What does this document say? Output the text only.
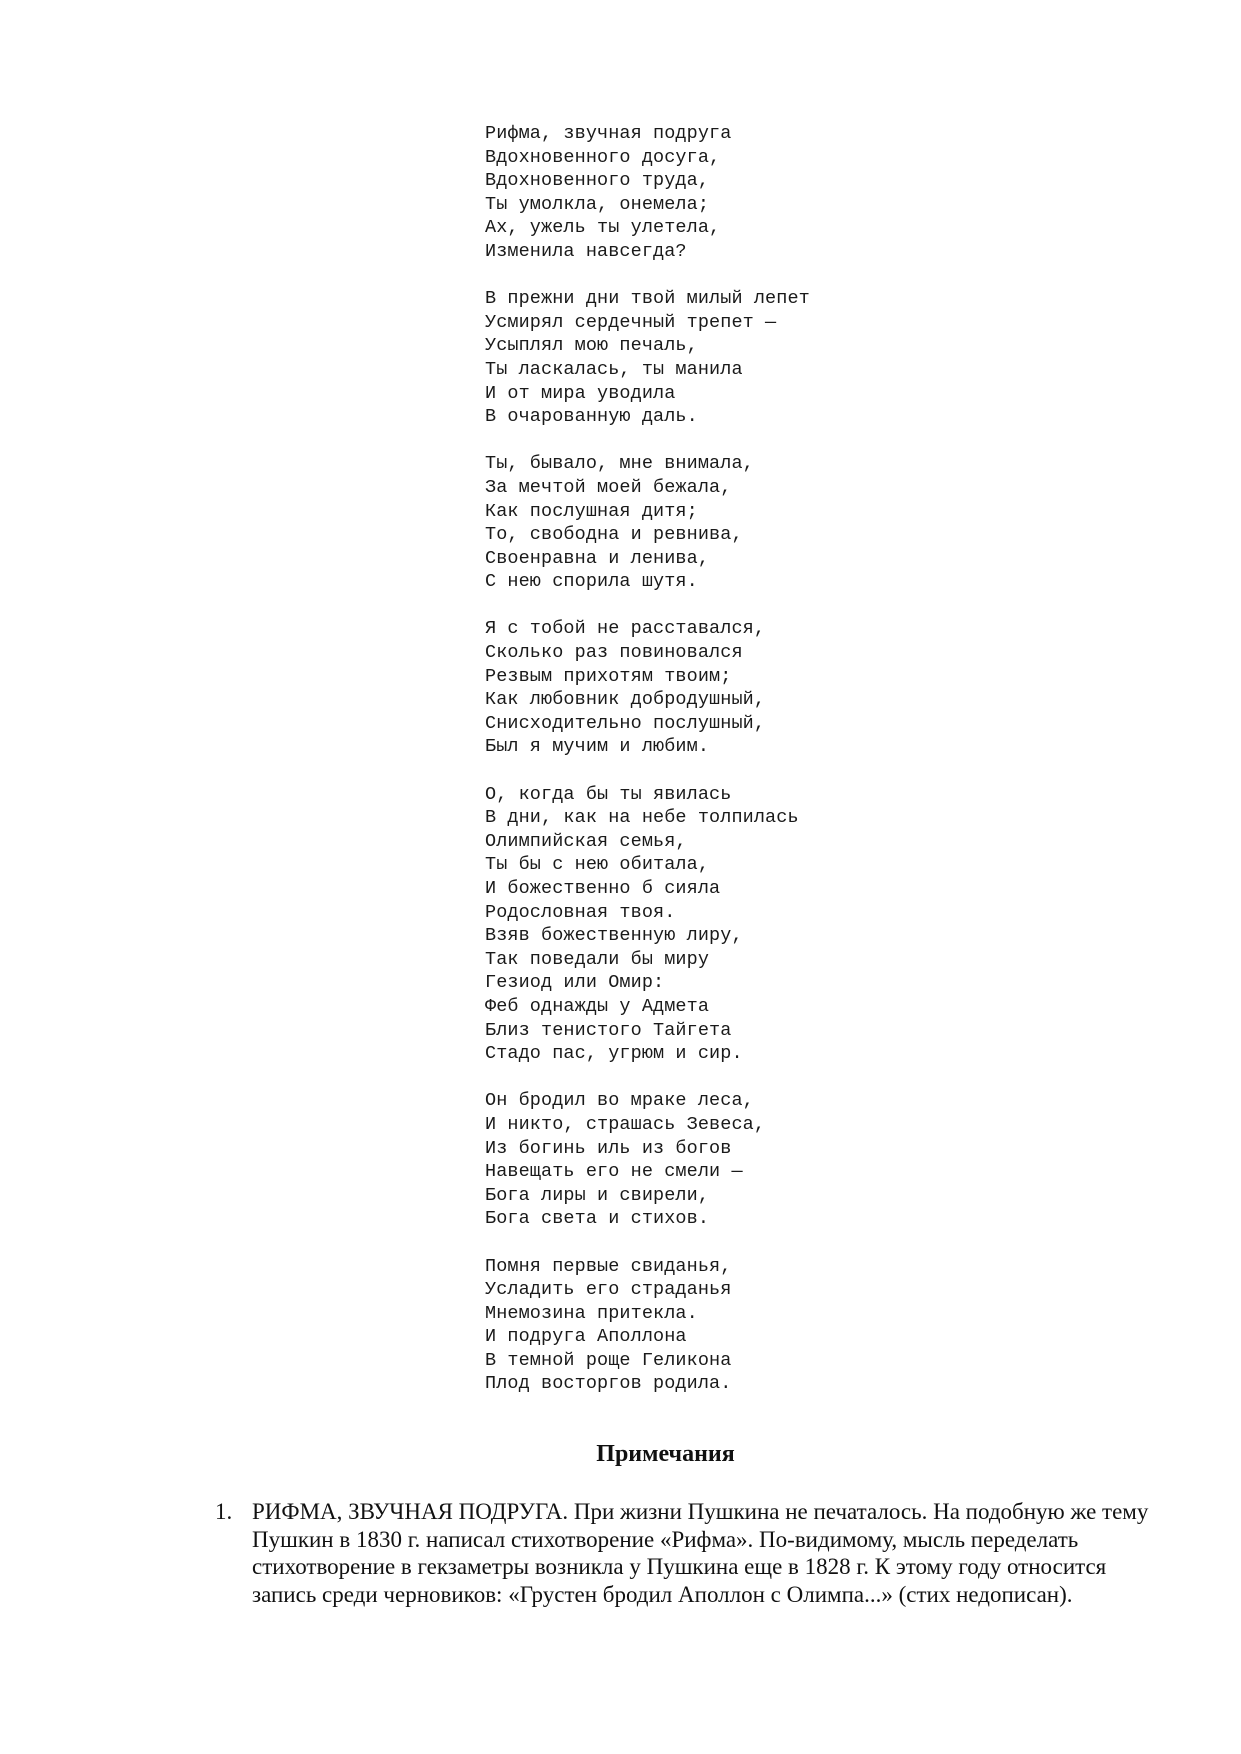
Рифма, звучная подруга
Вдохновенного досуга,
Вдохновенного труда,
Ты умолкла, онемела;
Ах, ужель ты улетела,
Изменила навсегда?
В прежни дни твой милый лепет
Усмирял сердечный трепет —
Усыплял мою печаль,
Ты ласкалась, ты манила
И от мира уводила
В очарованную даль.
Ты, бывало, мне внимала,
За мечтой моей бежала,
Как послушная дитя;
То, свободна и ревнива,
Своенравна и ленива,
С нею спорила шутя.
Я с тобой не расставался,
Сколько раз повиновался
Резвым прихотям твоим;
Как любовник добродушный,
Снисходительно послушный,
Был я мучим и любим.
О, когда бы ты явилась
В дни, как на небе толпилась
Олимпийская семья,
Ты бы с нею обитала,
И божественно б сияла
Родословная твоя.
Взяв божественную лиру,
Так поведали бы миру
Гезиод или Омир:
Феб однажды у Адмета
Близ тенистого Тайгета
Стадо пас, угрюм и сир.
Он бродил во мраке леса,
И никто, страшась Зевеса,
Из богинь иль из богов
Навещать его не смели —
Бога лиры и свирели,
Бога света и стихов.
Помня первые свиданья,
Усладить его страданья
Мнемозина притекла.
И подруга Аполлона
В темной роще Геликона
Плод восторгов родила.
Примечания
1. РИФМА, ЗВУЧНАЯ ПОДРУГА. При жизни Пушкина не печаталось. На подобную же тему Пушкин в 1830 г. написал стихотворение «Рифма». По-видимому, мысль переделать стихотворение в гекзаметры возникла у Пушкина еще в 1828 г. К этому году относится запись среди черновиков: «Грустен бродил Аполлон с Олимпа...» (стих недописан).
